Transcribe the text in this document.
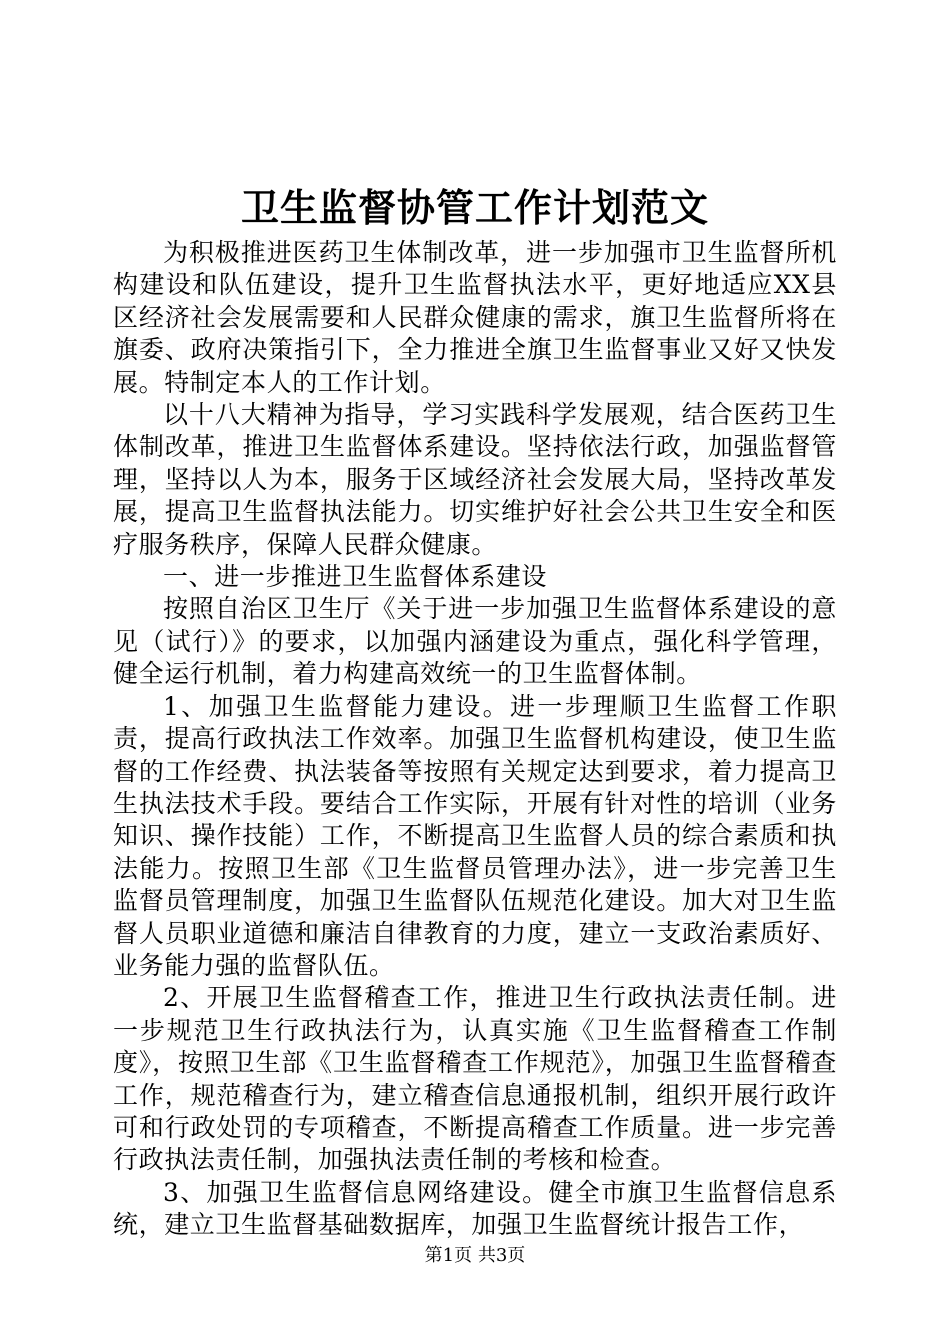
卫生监督协管工作计划范文

为积极推进医药卫生体制改革，进一步加强市卫生监督所机构建设和队伍建设，提升卫生监督执法水平，更好地适应XX县区经济社会发展需要和人民群众健康的需求，旗卫生监督所将在旗委、政府决策指引下，全力推进全旗卫生监督事业又好又快发展。特制定本人的工作计划。

以十八大精神为指导，学习实践科学发展观，结合医药卫生体制改革，推进卫生监督体系建设。坚持依法行政，加强监督管理，坚持以人为本，服务于区域经济社会发展大局，坚持改革发展，提高卫生监督执法能力。切实维护好社会公共卫生安全和医疗服务秩序，保障人民群众健康。

一、进一步推进卫生监督体系建设

按照自治区卫生厅《关于进一步加强卫生监督体系建设的意见（试行）》的要求，以加强内涵建设为重点，强化科学管理，健全运行机制，着力构建高效统一的卫生监督体制。

1、加强卫生监督能力建设。进一步理顺卫生监督工作职责，提高行政执法工作效率。加强卫生监督机构建设，使卫生监督的工作经费、执法装备等按照有关规定达到要求，着力提高卫生执法技术手段。要结合工作实际，开展有针对性的培训（业务知识、操作技能）工作，不断提高卫生监督人员的综合素质和执法能力。按照卫生部《卫生监督员管理办法》，进一步完善卫生监督员管理制度，加强卫生监督队伍规范化建设。加大对卫生监督人员职业道德和廉洁自律教育的力度，建立一支政治素质好、业务能力强的监督队伍。

2、开展卫生监督稽查工作，推进卫生行政执法责任制。进一步规范卫生行政执法行为，认真实施《卫生监督稽查工作制度》，按照卫生部《卫生监督稽查工作规范》，加强卫生监督稽查工作，规范稽查行为，建立稽查信息通报机制，组织开展行政许可和行政处罚的专项稽查，不断提高稽查工作质量。进一步完善行政执法责任制，加强执法责任制的考核和检查。

3、加强卫生监督信息网络建设。健全市旗卫生监督信息系统，建立卫生监督基础数据库，加强卫生监督统计报告工作，

第1页 共3页
